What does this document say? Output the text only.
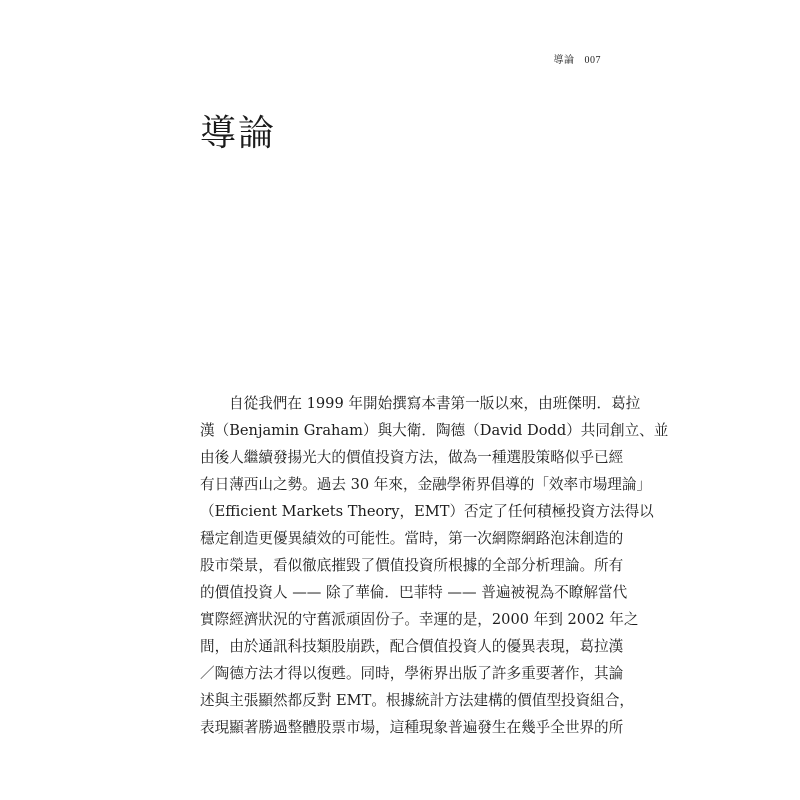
導論 007
導論
自從我們在 1999 年開始撰寫本書第一版以來，由班傑明．葛拉
漢（Benjamin Graham）與大衛．陶德（David Dodd）共同創立、並
由後人繼續發揚光大的價值投資方法，做為一種選股策略似乎已經
有日薄西山之勢。過去 30 年來，金融學術界倡導的「效率市場理論」
（Efficient Markets Theory，EMT）否定了任何積極投資方法得以
穩定創造更優異績效的可能性。當時，第一次網際網路泡沫創造的
股市榮景，看似徹底摧毀了價值投資所根據的全部分析理論。所有
的價值投資人 —— 除了華倫．巴菲特 —— 普遍被視為不瞭解當代
實際經濟狀況的守舊派頑固份子。幸運的是，2000 年到 2002 年之
間，由於通訊科技類股崩跌，配合價值投資人的優異表現，葛拉漢
／陶德方法才得以復甦。同時，學術界出版了許多重要著作，其論
述與主張顯然都反對 EMT。根據統計方法建構的價值型投資組合，
表現顯著勝過整體股票市場，這種現象普遍發生在幾乎全世界的所
